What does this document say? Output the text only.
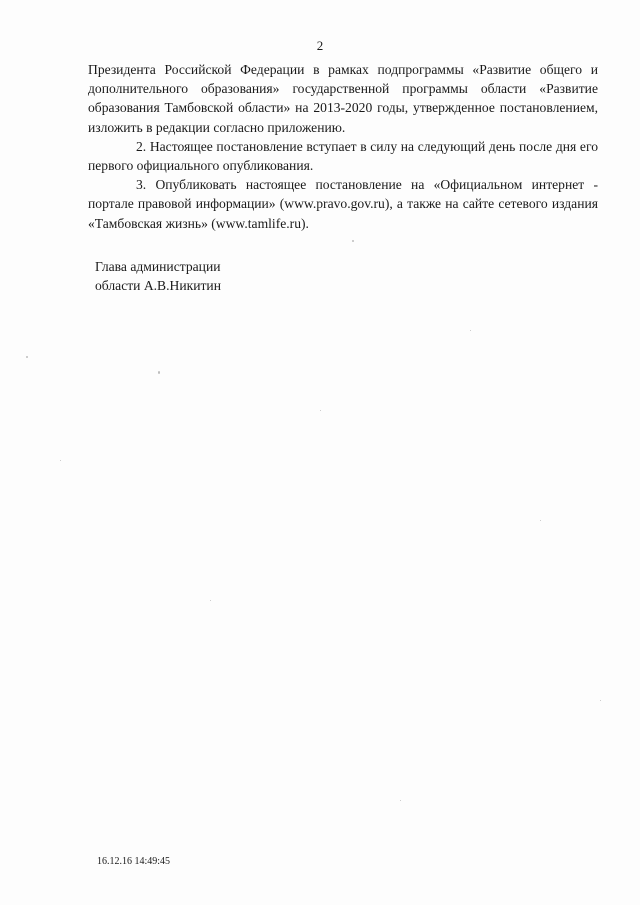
2

Президента Российской Федерации в рамках подпрограммы «Развитие общего и дополнительного образования» государственной программы области «Развитие образования Тамбовской области» на 2013-2020 годы, утвержденное постановлением, изложить в редакции согласно приложению.

2. Настоящее постановление вступает в силу на следующий день после дня его первого официального опубликования.

3. Опубликовать настоящее постановление на «Официальном интернет - портале правовой информации» (www.pravo.gov.ru), а также на сайте сетевого издания «Тамбовская жизнь» (www.tamlife.ru).

Глава администрации
области А.В.Никитин
16.12.16 14:49:45
